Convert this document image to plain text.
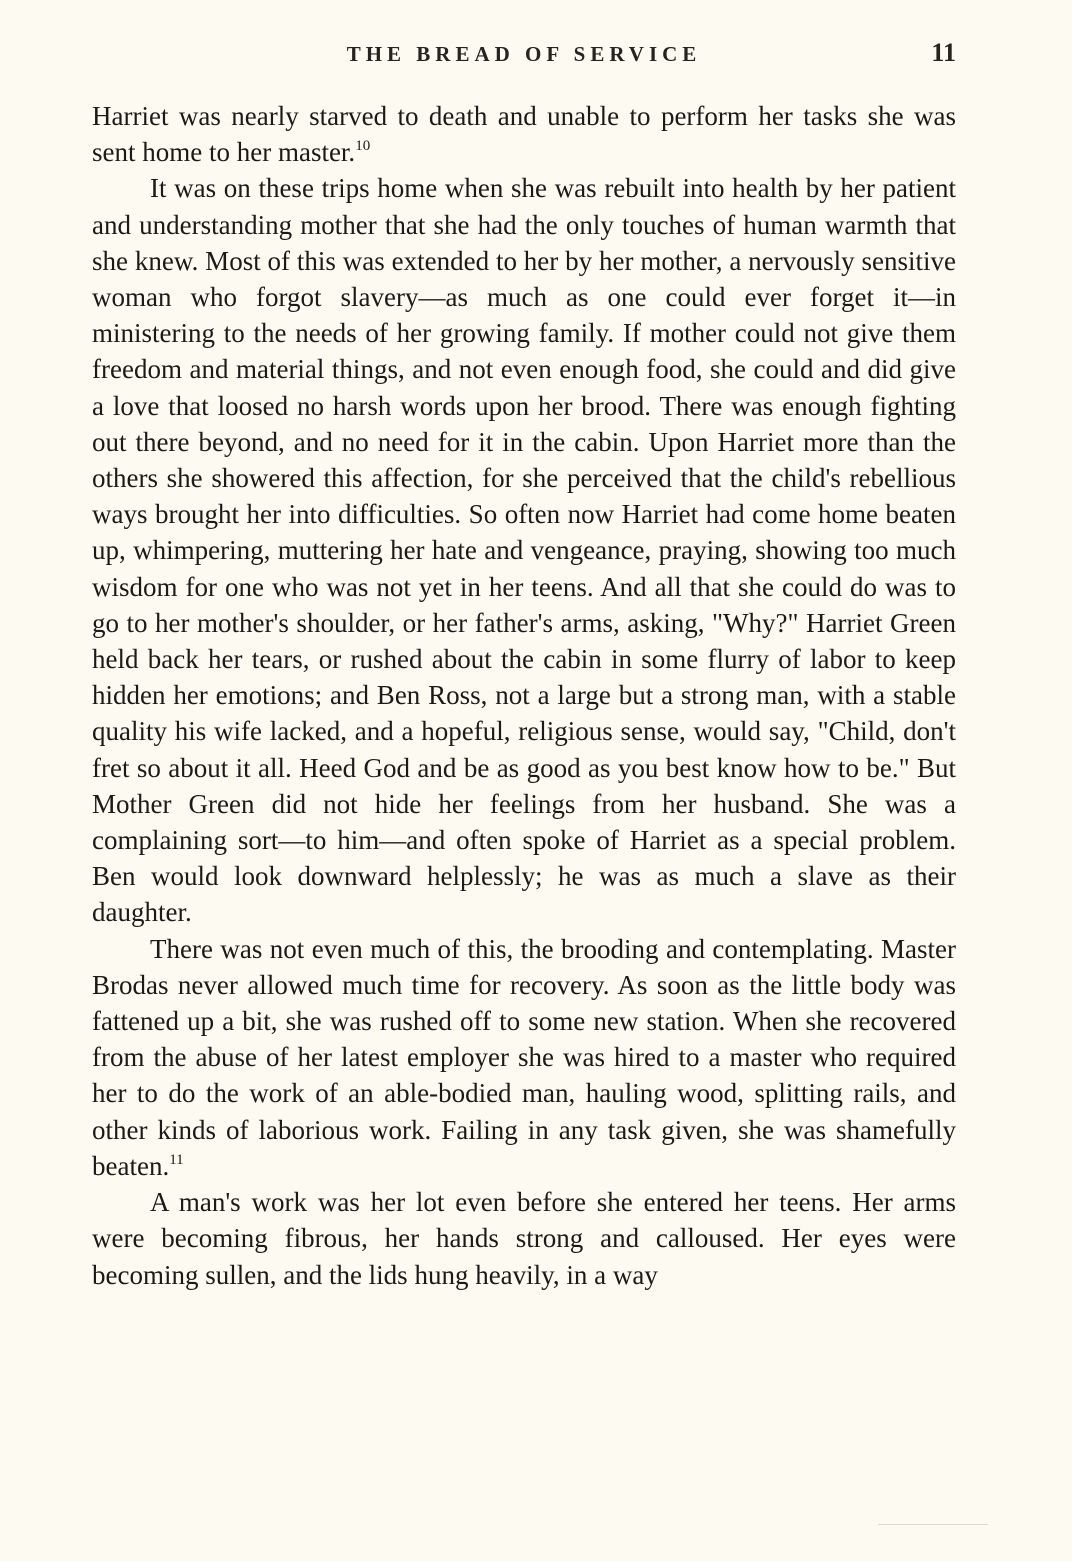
THE BREAD OF SERVICE	11

Harriet was nearly starved to death and unable to perform her tasks she was sent home to her master.$^{10}$

It was on these trips home when she was rebuilt into health by her patient and understanding mother that she had the only touches of human warmth that she knew. Most of this was extended to her by her mother, a nervously sensitive woman who forgot slavery—as much as one could ever forget it—in ministering to the needs of her growing family. If mother could not give them freedom and material things, and not even enough food, she could and did give a love that loosed no harsh words upon her brood. There was enough fighting out there beyond, and no need for it in the cabin. Upon Harriet more than the others she showered this affection, for she perceived that the child's rebellious ways brought her into difficulties. So often now Harriet had come home beaten up, whimpering, muttering her hate and vengeance, praying, showing too much wisdom for one who was not yet in her teens. And all that she could do was to go to her mother's shoulder, or her father's arms, asking, "Why?" Harriet Green held back her tears, or rushed about the cabin in some flurry of labor to keep hidden her emotions; and Ben Ross, not a large but a strong man, with a stable quality his wife lacked, and a hopeful, religious sense, would say, "Child, don't fret so about it all. Heed God and be as good as you best know how to be." But Mother Green did not hide her feelings from her husband. She was a complaining sort—to him—and often spoke of Harriet as a special problem. Ben would look downward helplessly; he was as much a slave as their daughter.

There was not even much of this, the brooding and contemplating. Master Brodas never allowed much time for recovery. As soon as the little body was fattened up a bit, she was rushed off to some new station. When she recovered from the abuse of her latest employer she was hired to a master who required her to do the work of an able-bodied man, hauling wood, splitting rails, and other kinds of laborious work. Failing in any task given, she was shamefully beaten.$^{11}$

A man's work was her lot even before she entered her teens. Her arms were becoming fibrous, her hands strong and calloused. Her eyes were becoming sullen, and the lids hung heavily, in a way
